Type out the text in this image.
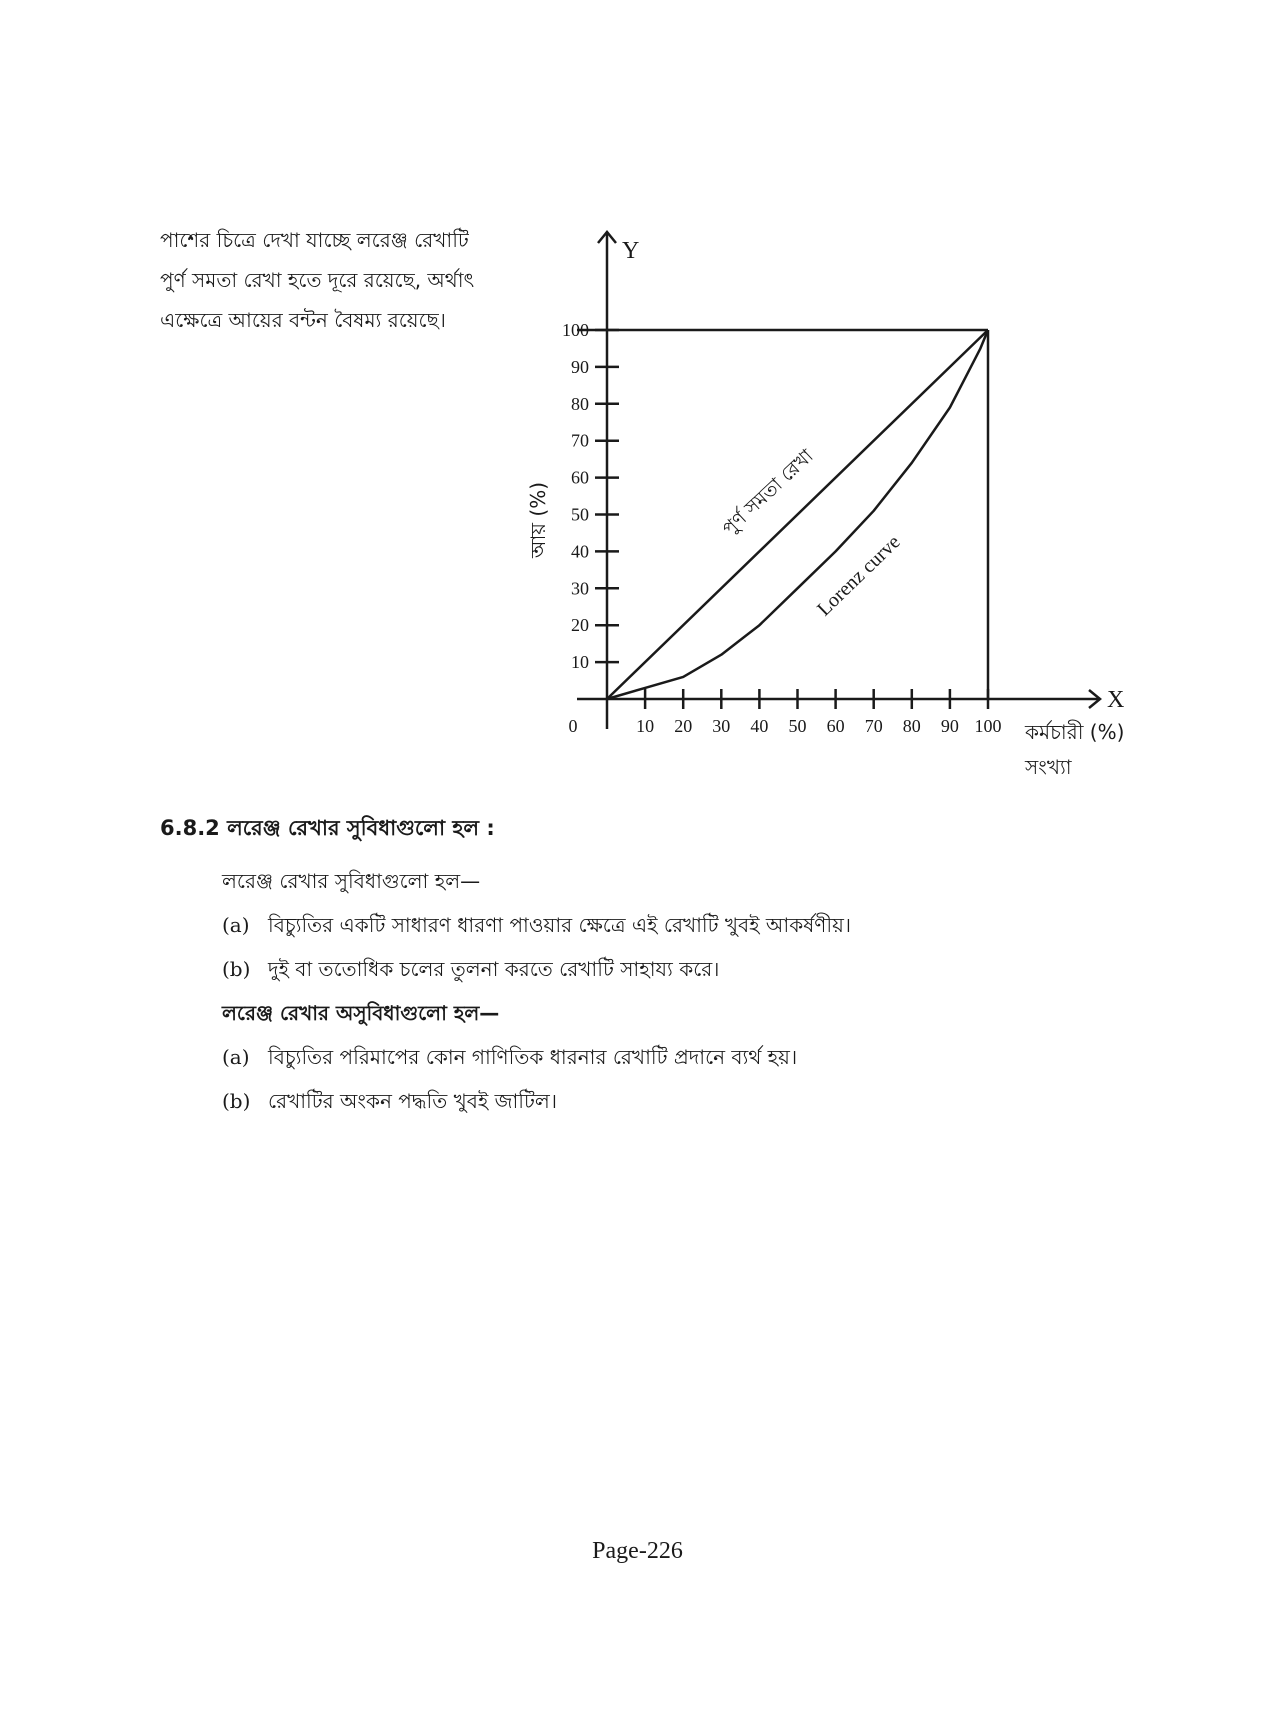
পাশের চিত্রে দেখা যাচ্ছে লরেঞ্জ রেখাটি
পুর্ণ সমতা রেখা হতে দূরে রয়েছে, অর্থাৎ
এক্ষেত্রে আয়ের বন্টন বৈষম্য রয়েছে।
10
20
30
40
50
60
70
80
90
100
10 20 30 40 50 60 70 80 90 100
0
Y
X
কর্মচারী (%)
সংখ্যা
আয় (%)	পুর্ণ সমতা রেখা
Lorenz curve
6.8.2 লরেঞ্জ রেখার সুবিধাগুলো হল :
লরেঞ্জ রেখার সুবিধাগুলো হল—
(a) বিচ্যুতির একটি সাধারণ ধারণা পাওয়ার ক্ষেত্রে এই রেখাটি খুবই আকর্ষণীয়।
(b) দুই বা ততোধিক চলের তুলনা করতে রেখাটি সাহায্য করে।
লরেঞ্জ রেখার অসুবিধাগুলো হল—
(a) বিচ্যুতির পরিমাপের কোন গাণিতিক ধারনার রেখাটি প্রদানে ব্যর্থ হয়।
(b) রেখাটির অংকন পদ্ধতি খুবই জাটিল।
Page-226
